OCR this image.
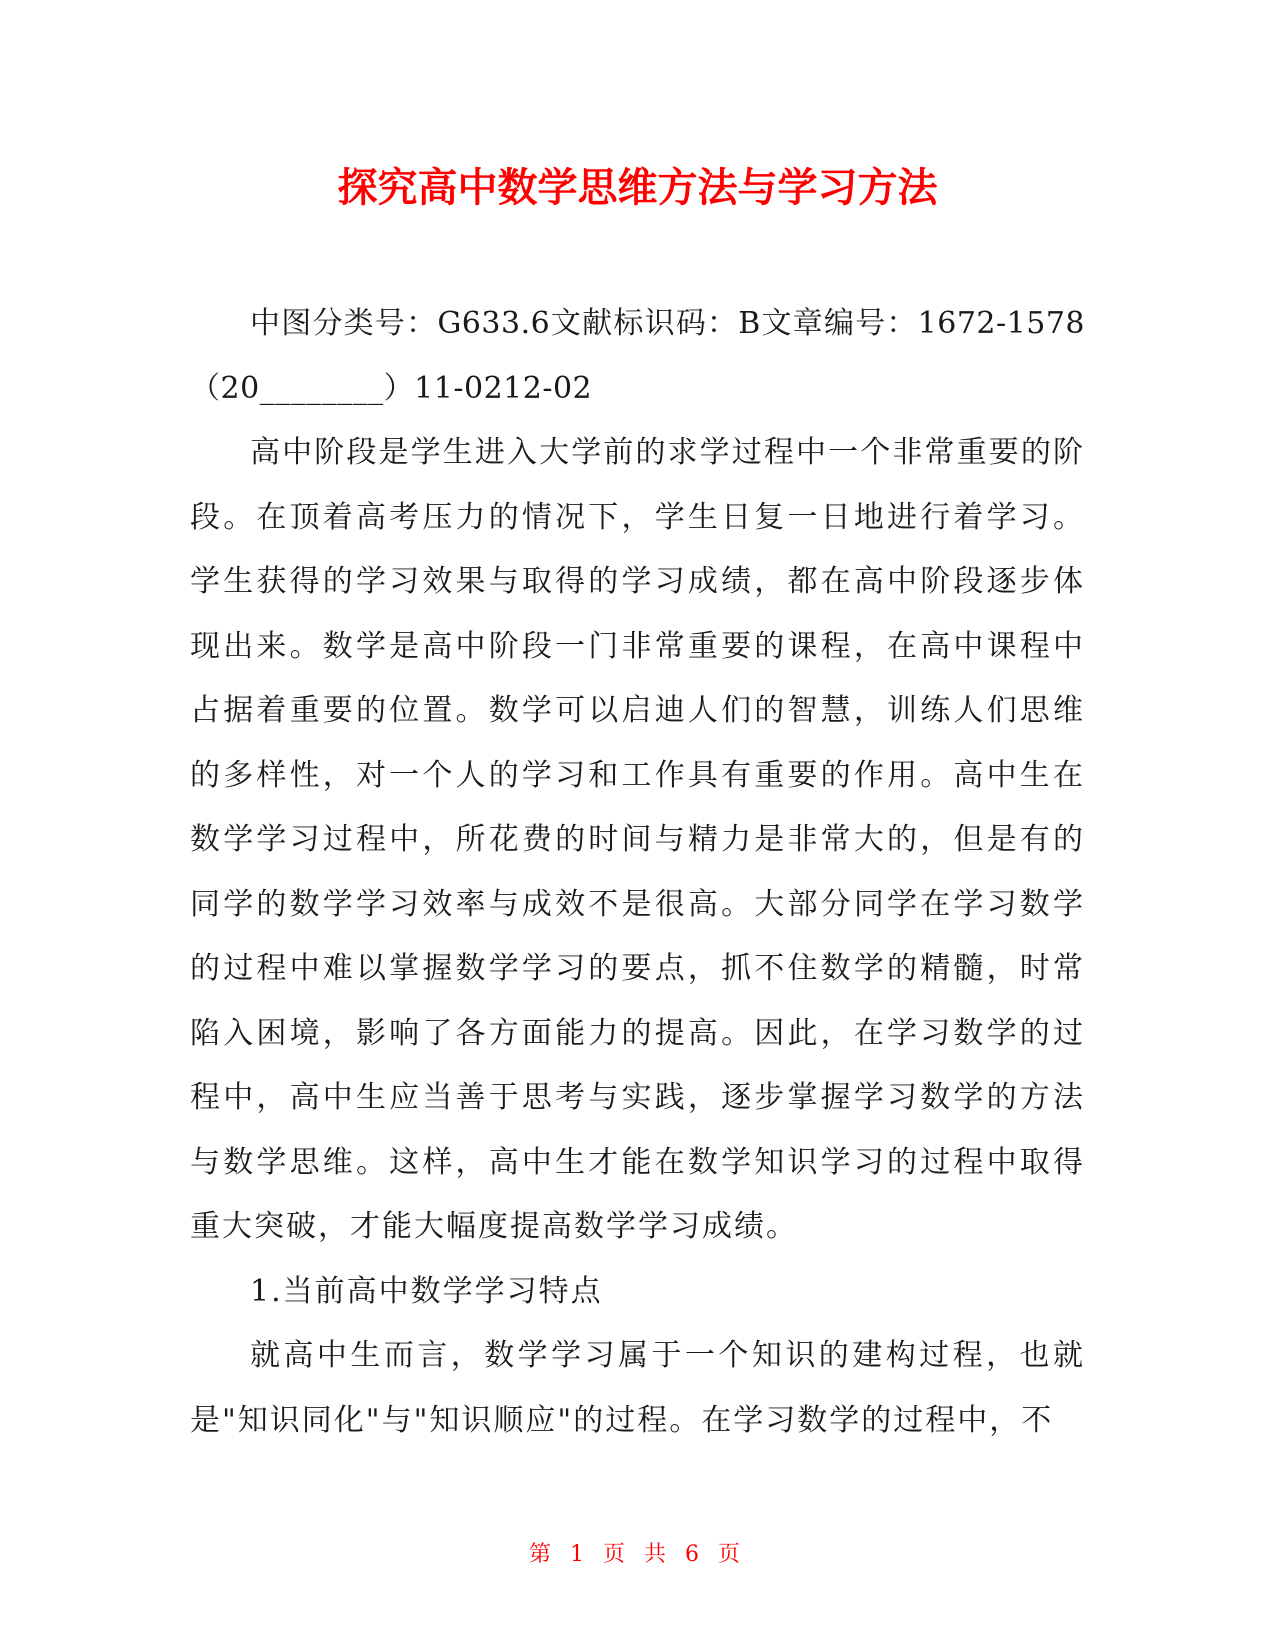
探究高中数学思维方法与学习方法

中图分类号：G633.6文献标识码：B文章编号：1672-1578（20________）11-0212-02

高中阶段是学生进入大学前的求学过程中一个非常重要的阶段。在顶着高考压力的情况下，学生日复一日地进行着学习。学生获得的学习效果与取得的学习成绩，都在高中阶段逐步体现出来。数学是高中阶段一门非常重要的课程，在高中课程中占据着重要的位置。数学可以启迪人们的智慧，训练人们思维的多样性，对一个人的学习和工作具有重要的作用。高中生在数学学习过程中，所花费的时间与精力是非常大的，但是有的同学的数学学习效率与成效不是很高。大部分同学在学习数学的过程中难以掌握数学学习的要点，抓不住数学的精髓，时常陷入困境，影响了各方面能力的提高。因此，在学习数学的过程中，高中生应当善于思考与实践，逐步掌握学习数学的方法与数学思维。这样，高中生才能在数学知识学习的过程中取得重大突破，才能大幅度提高数学学习成绩。

1.当前高中数学学习特点

就高中生而言，数学学习属于一个知识的建构过程，也就是"知识同化"与"知识顺应"的过程。在学习数学的过程中，不

第 1 页 共 6 页
